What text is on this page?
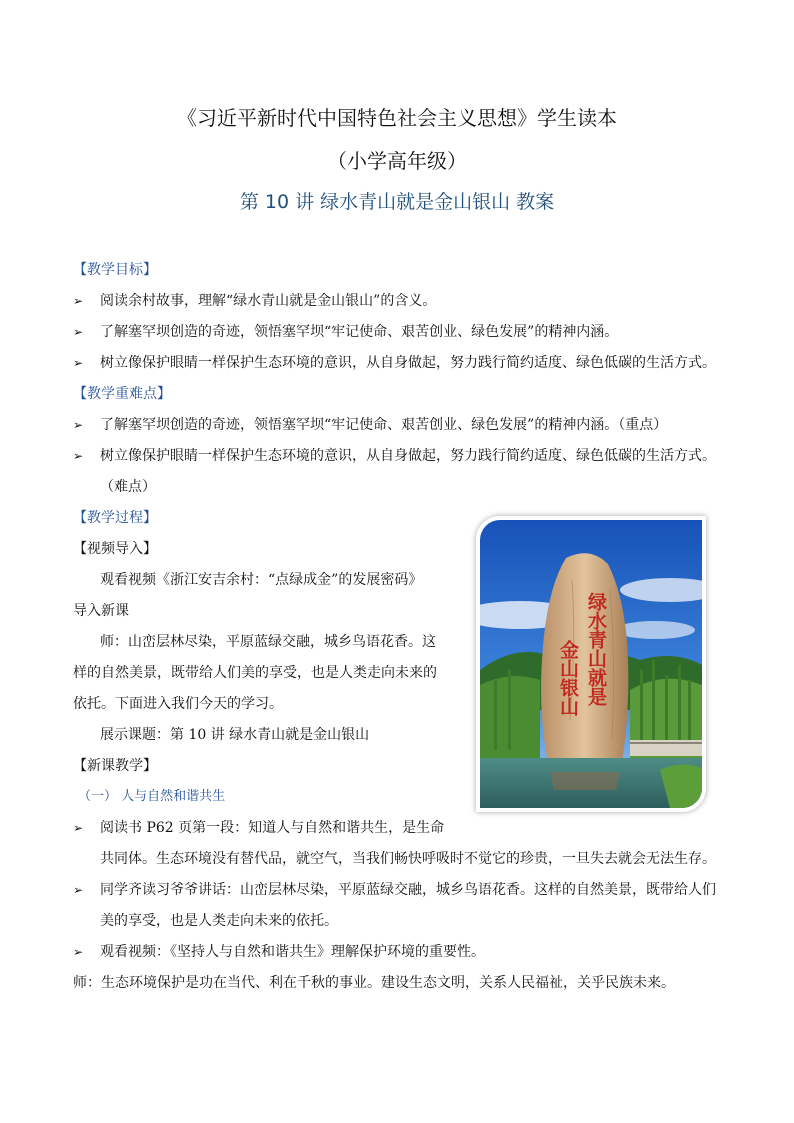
《习近平新时代中国特色社会主义思想》学生读本
（小学高年级）
第 10 讲 绿水青山就是金山银山 教案
【教学目标】
➢ 阅读余村故事，理解“绿水青山就是金山银山”的含义。
➢ 了解塞罕坝创造的奇迹，领悟塞罕坝“牢记使命、艰苦创业、绿色发展”的精神内涵。
➢ 树立像保护眼睛一样保护生态环境的意识，从自身做起，努力践行简约适度、绿色低碳的生活方式。
【教学重难点】
➢ 了解塞罕坝创造的奇迹，领悟塞罕坝“牢记使命、艰苦创业、绿色发展”的精神内涵。（重点）
➢ 树立像保护眼睛一样保护生态环境的意识，从自身做起，努力践行简约适度、绿色低碳的生活方式。
（难点）
【教学过程】
【视频导入】
观看视频《浙江安吉余村：“点绿成金”的发展密码》
导入新课
师：山峦层林尽染，平原蓝绿交融，城乡鸟语花香。这
样的自然美景，既带给人们美的享受，也是人类走向未来的
依托。下面进入我们今天的学习。
展示课题：第 10 讲 绿水青山就是金山银山
【新课教学】
（一） 人与自然和谐共生
➢ 阅读书 P62 页第一段：知道人与自然和谐共生，是生命
共同体。生态环境没有替代品，就空气，当我们畅快呼吸时不觉它的珍贵，一旦失去就会无法生存。
➢ 同学齐读习爷爷讲话：山峦层林尽染，平原蓝绿交融，城乡鸟语花香。这样的自然美景，既带给人们
美的享受，也是人类走向未来的依托。
➢ 观看视频：《坚持人与自然和谐共生》理解保护环境的重要性。
师：生态环境保护是功在当代、利在千秋的事业。建设生态文明，关系人民福祉，关乎民族未来。
绿水青山就是
金山银山
